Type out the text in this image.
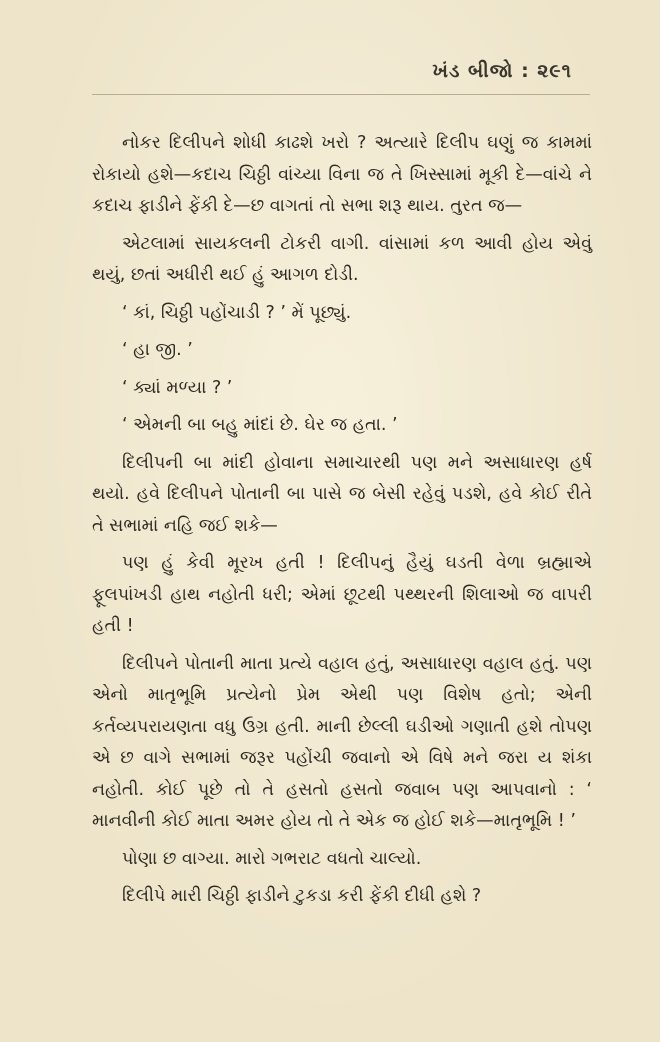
ખંડ બીજો : ૨૯૧

નોકર દિલીપને શોધી કાઢશે ખરો ? અત્યારે દિલીપ ઘણું જ કામમાં રોકાયો હશે—કદાચ ચિઠ્ઠી વાંચ્યા વિના જ તે ખિસ્સામાં મૂકી દે—વાંચે ને કદાચ ફાડીને ફેંકી દે—છ વાગતાં તો સભા શરૂ થાય. તુરત જ—

એટલામાં સાયકલની ટોકરી વાગી. વાંસામાં કળ આવી હોય એવું થયું, છતાં અધીરી થઈ હું આગળ દોડી.

‘ કાં, ચિઠ્ઠી પહોંચાડી ? ’ મેં પૂછ્યું.

‘ હા જી. ’

‘ ક્યાં મળ્યા ? ’

‘ એમની બા બહુ માંદાં છે. ઘેર જ હતા. ’

દિલીપની બા માંદી હોવાના સમાચારથી પણ મને અસાધારણ હર્ષ થયો. હવે દિલીપને પોતાની બા પાસે જ બેસી રહેવું પડશે, હવે કોઈ રીતે તે સભામાં નહિ જઈ શકે—

પણ હું કેવી મૂરખ હતી ! દિલીપનું હૈયું ઘડતી વેળા બ્રહ્માએ ફૂલપાંખડી હાથ નહોતી ધરી; એમાં છૂટથી પથ્થરની શિલાઓ જ વાપરી હતી !

દિલીપને પોતાની માતા પ્રત્યે વહાલ હતું, અસાધારણ વહાલ હતું. પણ એનો માતૃભૂમિ પ્રત્યેનો પ્રેમ એથી પણ વિશેષ હતો; એની કર્તવ્યપરાયણતા વધુ ઉગ્ર હતી. માની છેલ્લી ઘડીઓ ગણાતી હશે તોપણ એ છ વાગે સભામાં જરૂર પહોંચી જવાનો એ વિષે મને જરા ય શંકા નહોતી. કોઈ પૂછે તો તે હસતો હસતો જવાબ પણ આપવાનો : ‘ માનવીની કોઈ માતા અમર હોય તો તે એક જ હોઈ શકે—માતૃભૂમિ ! ’

પોણા છ વાગ્યા. મારો ગભરાટ વધતો ચાલ્યો.

દિલીપે મારી ચિઠ્ઠી ફાડીને ટુકડા કરી ફેંકી દીધી હશે ?
